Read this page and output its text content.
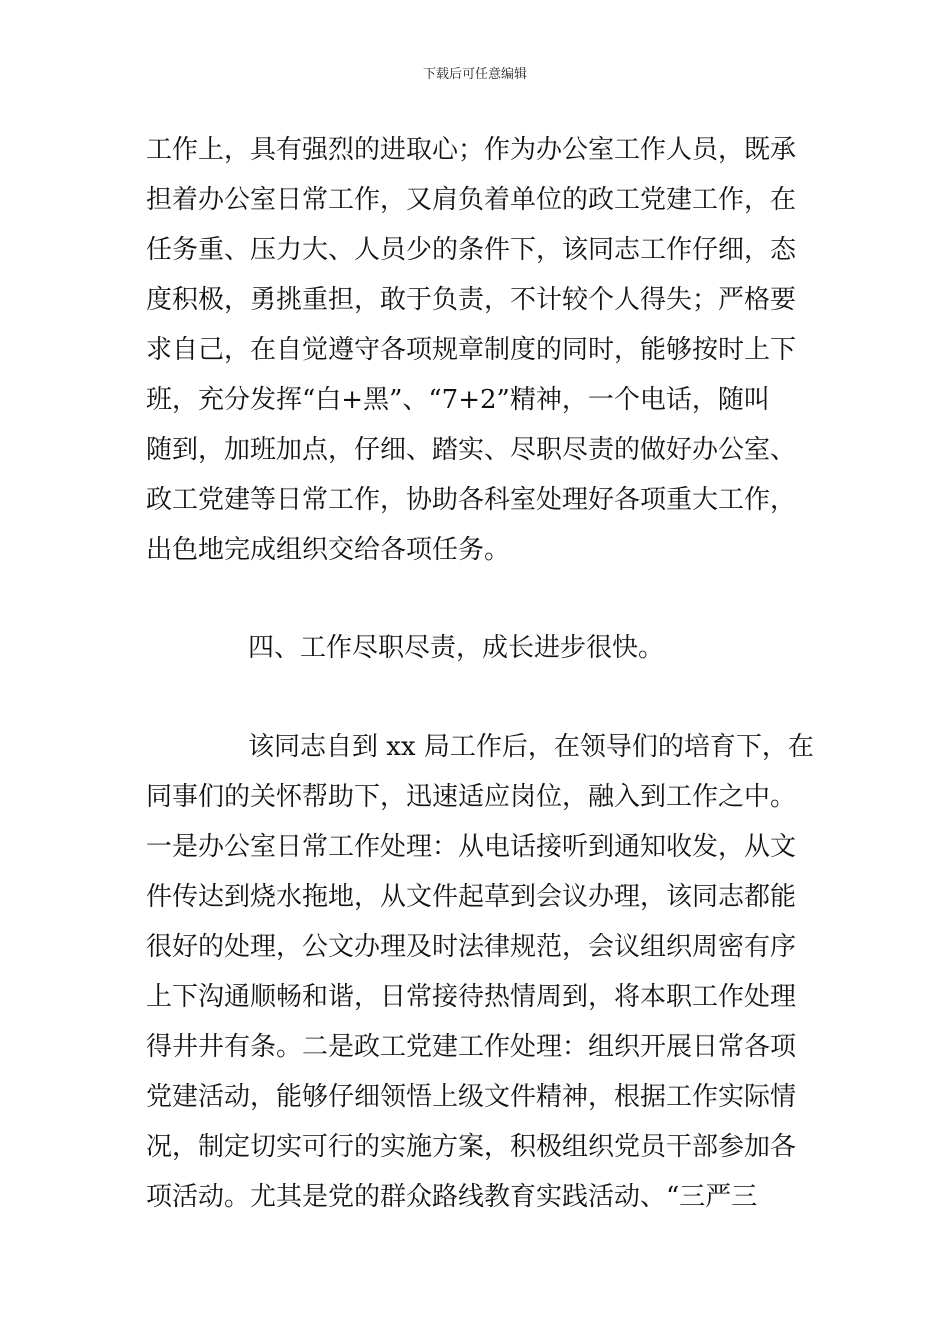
下载后可任意编辑
工作上，具有强烈的进取心；作为办公室工作人员，既承
担着办公室日常工作，又肩负着单位的政工党建工作，在
任务重、压力大、人员少的条件下，该同志工作仔细，态
度积极，勇挑重担，敢于负责，不计较个人得失；严格要
求自己，在自觉遵守各项规章制度的同时，能够按时上下
班，充分发挥“白+黑”、“7+2”精神，一个电话，随叫
随到，加班加点，仔细、踏实、尽职尽责的做好办公室、
政工党建等日常工作，协助各科室处理好各项重大工作，
出色地完成组织交给各项任务。
四、工作尽职尽责，成长进步很快。
该同志自到 xx 局工作后，在领导们的培育下，在
同事们的关怀帮助下，迅速适应岗位，融入到工作之中。
一是办公室日常工作处理：从电话接听到通知收发，从文
件传达到烧水拖地，从文件起草到会议办理，该同志都能
很好的处理，公文办理及时法律规范，会议组织周密有序
上下沟通顺畅和谐，日常接待热情周到，将本职工作处理
得井井有条。二是政工党建工作处理：组织开展日常各项
党建活动，能够仔细领悟上级文件精神，根据工作实际情
况，制定切实可行的实施方案，积极组织党员干部参加各
项活动。尤其是党的群众路线教育实践活动、“三严三
